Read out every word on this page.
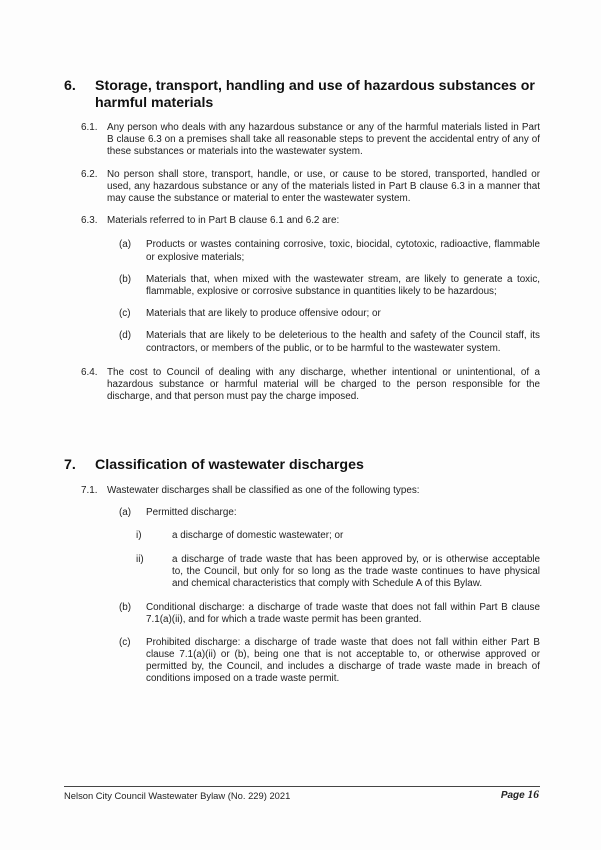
6.	Storage, transport, handling and use of hazardous substances or harmful materials
6.1. Any person who deals with any hazardous substance or any of the harmful materials listed in Part B clause 6.3 on a premises shall take all reasonable steps to prevent the accidental entry of any of these substances or materials into the wastewater system.
6.2. No person shall store, transport, handle, or use, or cause to be stored, transported, handled or used, any hazardous substance or any of the materials listed in Part B clause 6.3 in a manner that may cause the substance or material to enter the wastewater system.
6.3. Materials referred to in Part B clause 6.1 and 6.2 are:
(a)	Products or wastes containing corrosive, toxic, biocidal, cytotoxic, radioactive, flammable or explosive materials;
(b)	Materials that, when mixed with the wastewater stream, are likely to generate a toxic, flammable, explosive or corrosive substance in quantities likely to be hazardous;
(c)	Materials that are likely to produce offensive odour; or
(d)	Materials that are likely to be deleterious to the health and safety of the Council staff, its contractors, or members of the public, or to be harmful to the wastewater system.
6.4. The cost to Council of dealing with any discharge, whether intentional or unintentional, of a hazardous substance or harmful material will be charged to the person responsible for the discharge, and that person must pay the charge imposed.
7.	Classification of wastewater discharges
7.1. Wastewater discharges shall be classified as one of the following types:
(a)	Permitted discharge:
i)	a discharge of domestic wastewater; or
ii)	a discharge of trade waste that has been approved by, or is otherwise acceptable to, the Council, but only for so long as the trade waste continues to have physical and chemical characteristics that comply with Schedule A of this Bylaw.
(b)	Conditional discharge: a discharge of trade waste that does not fall within Part B clause 7.1(a)(ii), and for which a trade waste permit has been granted.
(c)	Prohibited discharge: a discharge of trade waste that does not fall within either Part B clause 7.1(a)(ii) or (b), being one that is not acceptable to, or otherwise approved or permitted by, the Council, and includes a discharge of trade waste made in breach of conditions imposed on a trade waste permit.
Nelson City Council Wastewater Bylaw (No. 229) 2021	Page 16
